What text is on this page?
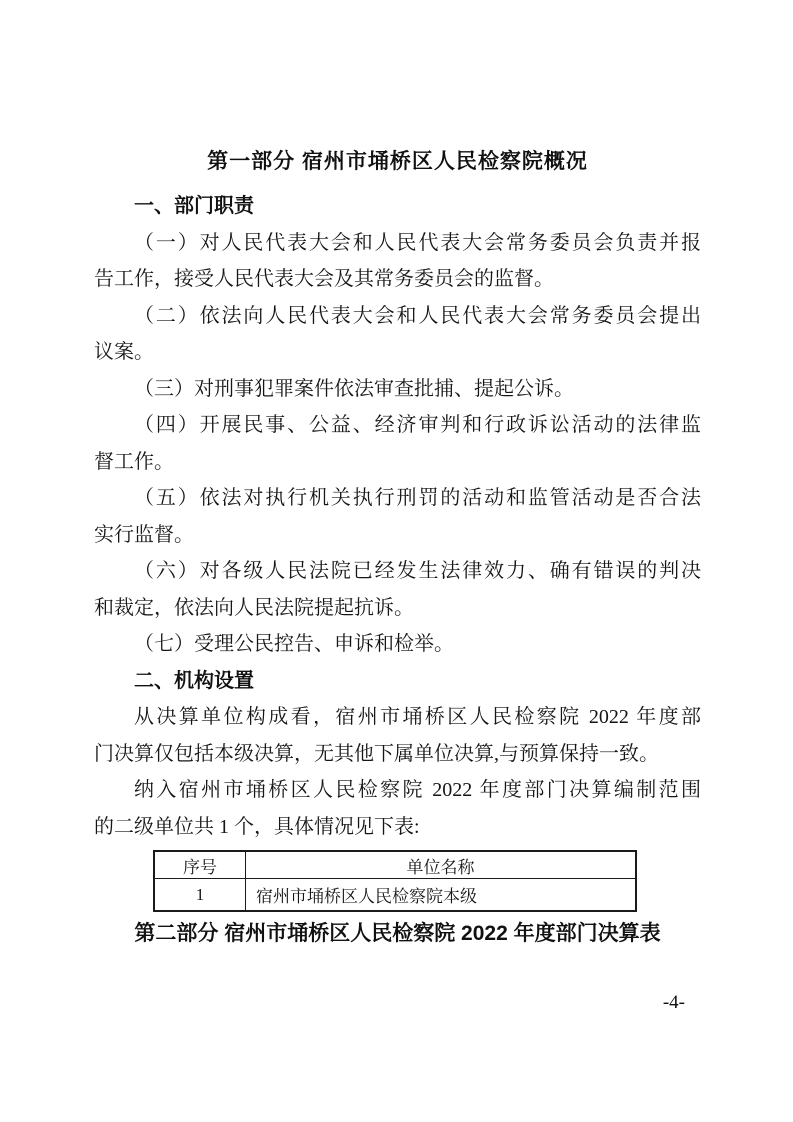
第一部分 宿州市埇桥区人民检察院概况
一、部门职责
（一）对人民代表大会和人民代表大会常务委员会负责并报
告工作，接受人民代表大会及其常务委员会的监督。
（二）依法向人民代表大会和人民代表大会常务委员会提出
议案。
（三）对刑事犯罪案件依法审查批捕、提起公诉。
（四）开展民事、公益、经济审判和行政诉讼活动的法律监
督工作。
（五）依法对执行机关执行刑罚的活动和监管活动是否合法
实行监督。
（六）对各级人民法院已经发生法律效力、确有错误的判决
和裁定，依法向人民法院提起抗诉。
（七）受理公民控告、申诉和检举。
二、机构设置
从决算单位构成看，宿州市埇桥区人民检察院 2022 年度部
门决算仅包括本级决算，无其他下属单位决算,与预算保持一致。
纳入宿州市埇桥区人民检察院 2022 年度部门决算编制范围
的二级单位共 1 个，具体情况见下表:
序号	单位名称
1	宿州市埇桥区人民检察院本级
第二部分 宿州市埇桥区人民检察院 2022 年度部门决算表
-4-
